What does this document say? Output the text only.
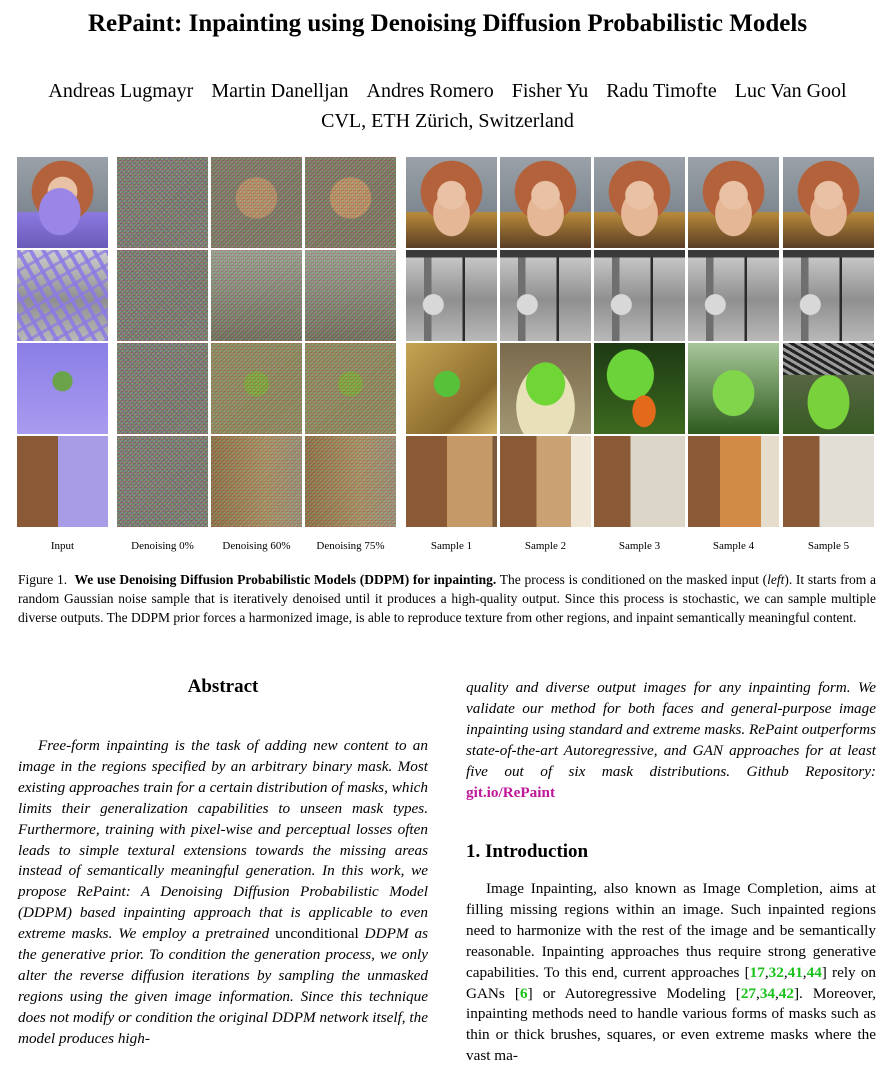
RePaint: Inpainting using Denoising Diffusion Probabilistic Models
Andreas Lugmayr Martin Danelljan Andres Romero Fisher Yu Radu Timofte Luc Van Gool
CVL, ETH Zürich, Switzerland
Input	Denoising 0%	Denoising 60%	Denoising 75%	Sample 1	Sample 2	Sample 3	Sample 4	Sample 5
Figure 1. We use Denoising Diffusion Probabilistic Models (DDPM) for inpainting. The process is conditioned on the masked input (left). It starts from a random Gaussian noise sample that is iteratively denoised until it produces a high-quality output. Since this process is stochastic, we can sample multiple diverse outputs. The DDPM prior forces a harmonized image, is able to reproduce texture from other regions, and inpaint semantically meaningful content.
Abstract

Free-form inpainting is the task of adding new content to an image in the regions specified by an arbitrary binary mask. Most existing approaches train for a certain distribution of masks, which limits their generalization capabilities to unseen mask types. Furthermore, training with pixel-wise and perceptual losses often leads to simple textural extensions towards the missing areas instead of semantically meaningful generation. In this work, we propose RePaint: A Denoising Diffusion Probabilistic Model (DDPM) based inpainting approach that is applicable to even extreme masks. We employ a pretrained unconditional DDPM as the generative prior. To condition the generation process, we only alter the reverse diffusion iterations by sampling the unmasked regions using the given image information. Since this technique does not modify or condition the original DDPM network itself, the model produces high-

quality and diverse output images for any inpainting form. We validate our method for both faces and general-purpose image inpainting using standard and extreme masks. RePaint outperforms state-of-the-art Autoregressive, and GAN approaches for at least five out of six mask distributions. Github Repository: git.io/RePaint
1. Introduction

Image Inpainting, also known as Image Completion, aims at filling missing regions within an image. Such inpainted regions need to harmonize with the rest of the image and be semantically reasonable. Inpainting approaches thus require strong generative capabilities. To this end, current approaches [17,32,41,44] rely on GANs [6] or Autoregressive Modeling [27,34,42]. Moreover, inpainting methods need to handle various forms of masks such as thin or thick brushes, squares, or even extreme masks where the vast ma-
